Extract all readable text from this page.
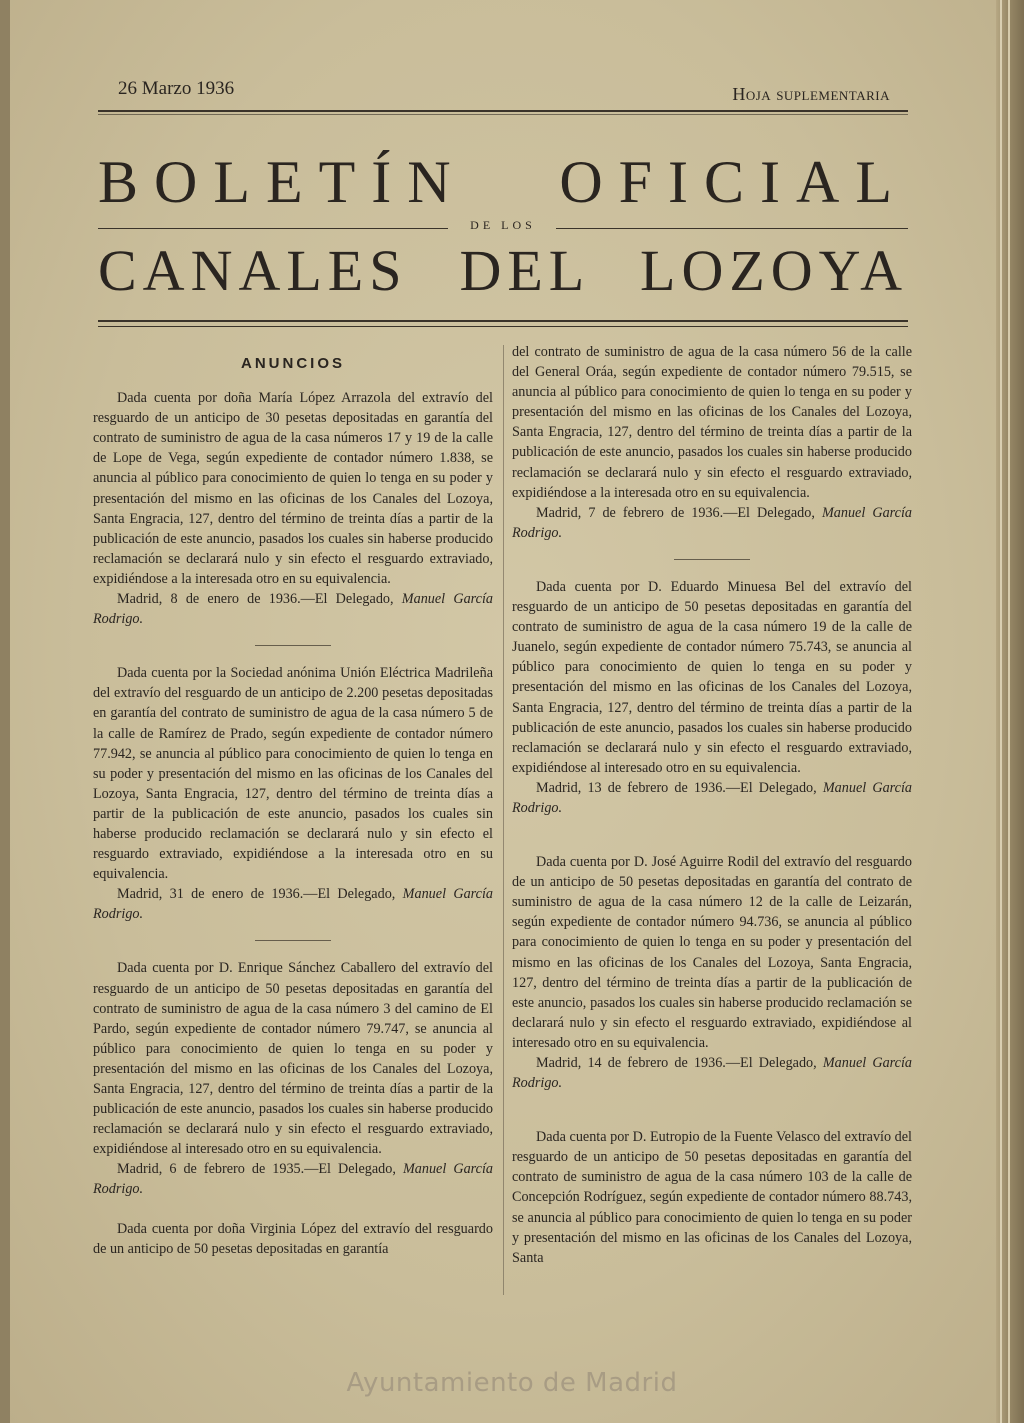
26 Marzo 1936	Hoja suplementaria
BOLETÍN OFICIAL
DE LOS
CANALES DEL LOZOYA
ANUNCIOS

Dada cuenta por doña María López Arrazola del extravío del resguardo de un anticipo de 30 pesetas depositadas en garantía del contrato de suministro de agua de la casa números 17 y 19 de la calle de Lope de Vega, según expediente de contador número 1.838, se anuncia al público para conocimiento de quien lo tenga en su poder y presentación del mismo en las oficinas de los Canales del Lozoya, Santa Engracia, 127, dentro del término de treinta días a partir de la publicación de este anuncio, pasados los cuales sin haberse producido reclamación se declarará nulo y sin efecto el resguardo extraviado, expidiéndose a la interesada otro en su equivalencia.

Madrid, 8 de enero de 1936.—El Delegado, Manuel García Rodrigo.

Dada cuenta por la Sociedad anónima Unión Eléctrica Madrileña del extravío del resguardo de un anticipo de 2.200 pesetas depositadas en garantía del contrato de suministro de agua de la casa número 5 de la calle de Ramírez de Prado, según expediente de contador número 77.942, se anuncia al público para conocimiento de quien lo tenga en su poder y presentación del mismo en las oficinas de los Canales del Lozoya, Santa Engracia, 127, dentro del término de treinta días a partir de la publicación de este anuncio, pasados los cuales sin haberse producido reclamación se declarará nulo y sin efecto el resguardo extraviado, expidiéndose a la interesada otro en su equivalencia.

Madrid, 31 de enero de 1936.—El Delegado, Manuel García Rodrigo.

Dada cuenta por D. Enrique Sánchez Caballero del extravío del resguardo de un anticipo de 50 pesetas depositadas en garantía del contrato de suministro de agua de la casa número 3 del camino de El Pardo, según expediente de contador número 79.747, se anuncia al público para conocimiento de quien lo tenga en su poder y presentación del mismo en las oficinas de los Canales del Lozoya, Santa Engracia, 127, dentro del término de treinta días a partir de la publicación de este anuncio, pasados los cuales sin haberse producido reclamación se declarará nulo y sin efecto el resguardo extraviado, expidiéndose al interesado otro en su equivalencia.

Madrid, 6 de febrero de 1935.—El Delegado, Manuel García Rodrigo.

Dada cuenta por doña Virginia López del extravío del resguardo de un anticipo de 50 pesetas depositadas en garantía

del contrato de suministro de agua de la casa número 56 de la calle del General Oráa, según expediente de contador número 79.515, se anuncia al público para conocimiento de quien lo tenga en su poder y presentación del mismo en las oficinas de los Canales del Lozoya, Santa Engracia, 127, dentro del término de treinta días a partir de la publicación de este anuncio, pasados los cuales sin haberse producido reclamación se declarará nulo y sin efecto el resguardo extraviado, expidiéndose a la interesada otro en su equivalencia.

Madrid, 7 de febrero de 1936.—El Delegado, Manuel García Rodrigo.

Dada cuenta por D. Eduardo Minuesa Bel del extravío del resguardo de un anticipo de 50 pesetas depositadas en garantía del contrato de suministro de agua de la casa número 19 de la calle de Juanelo, según expediente de contador número 75.743, se anuncia al público para conocimiento de quien lo tenga en su poder y presentación del mismo en las oficinas de los Canales del Lozoya, Santa Engracia, 127, dentro del término de treinta días a partir de la publicación de este anuncio, pasados los cuales sin haberse producido reclamación se declarará nulo y sin efecto el resguardo extraviado, expidiéndose al interesado otro en su equivalencia.

Madrid, 13 de febrero de 1936.—El Delegado, Manuel García Rodrigo.

Dada cuenta por D. José Aguirre Rodil del extravío del resguardo de un anticipo de 50 pesetas depositadas en garantía del contrato de suministro de agua de la casa número 12 de la calle de Leizarán, según expediente de contador número 94.736, se anuncia al público para conocimiento de quien lo tenga en su poder y presentación del mismo en las oficinas de los Canales del Lozoya, Santa Engracia, 127, dentro del término de treinta días a partir de la publicación de este anuncio, pasados los cuales sin haberse producido reclamación se declarará nulo y sin efecto el resguardo extraviado, expidiéndose al interesado otro en su equivalencia.

Madrid, 14 de febrero de 1936.—El Delegado, Manuel García Rodrigo.

Dada cuenta por D. Eutropio de la Fuente Velasco del extravío del resguardo de un anticipo de 50 pesetas depositadas en garantía del contrato de suministro de agua de la casa número 103 de la calle de Concepción Rodríguez, según expediente de contador número 88.743, se anuncia al público para conocimiento de quien lo tenga en su poder y presentación del mismo en las oficinas de los Canales del Lozoya, Santa

Ayuntamiento de Madrid
